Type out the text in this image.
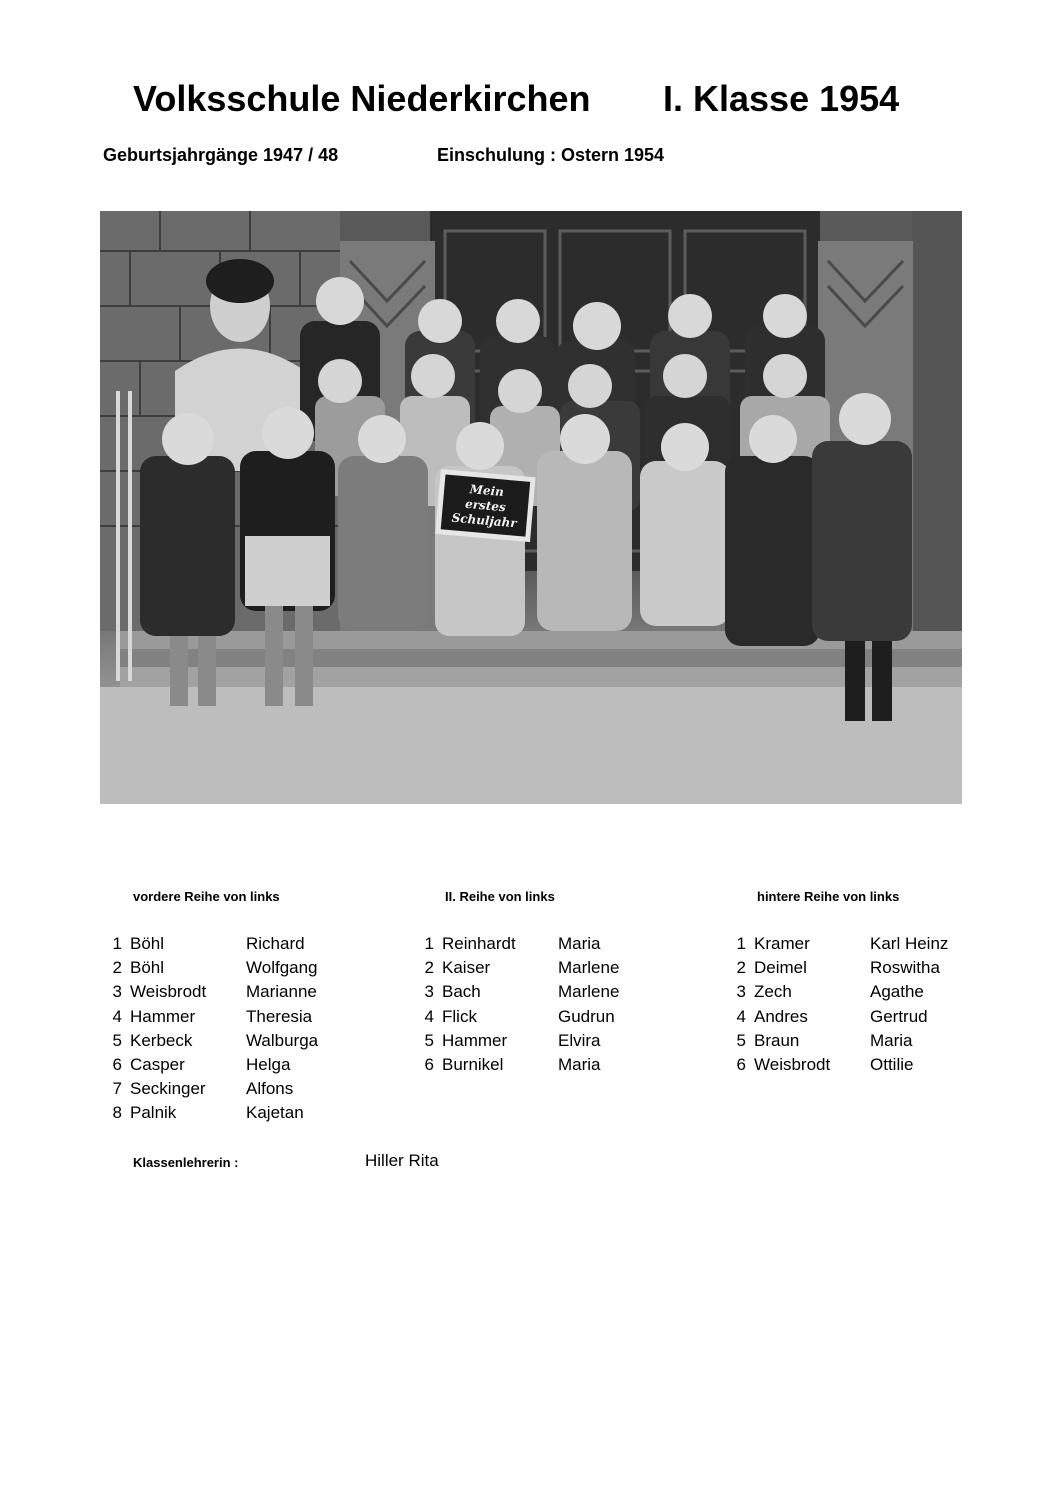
Volksschule Niederkirchen I. Klasse 1954
Geburtsjahrgänge 1947 / 48	Einschulung : Ostern 1954
Mein
erstes
Schuljahr
vordere Reihe von links	II. Reihe von links	hintere Reihe von links
1 Böhl	Richard
2 Böhl	Wolfgang
3 Weisbrodt Marianne
4 Hammer	Theresia
5 Kerbeck	Walburga
6 Casper	Helga
7 Seckinger Alfons
8 Palnik	Kajetan
1 Reinhardt Maria
2 Kaiser	Marlene
3 Bach	Marlene
4 Flick	Gudrun
5 Hammer	Elvira
6 Burnikel	Maria
1 Kramer	Karl Heinz
2 Deimel	Roswitha
3 Zech	Agathe
4 Andres	Gertrud
5 Braun	Maria
6 Weisbrodt Ottilie
Klassenlehrerin :	Hiller Rita
